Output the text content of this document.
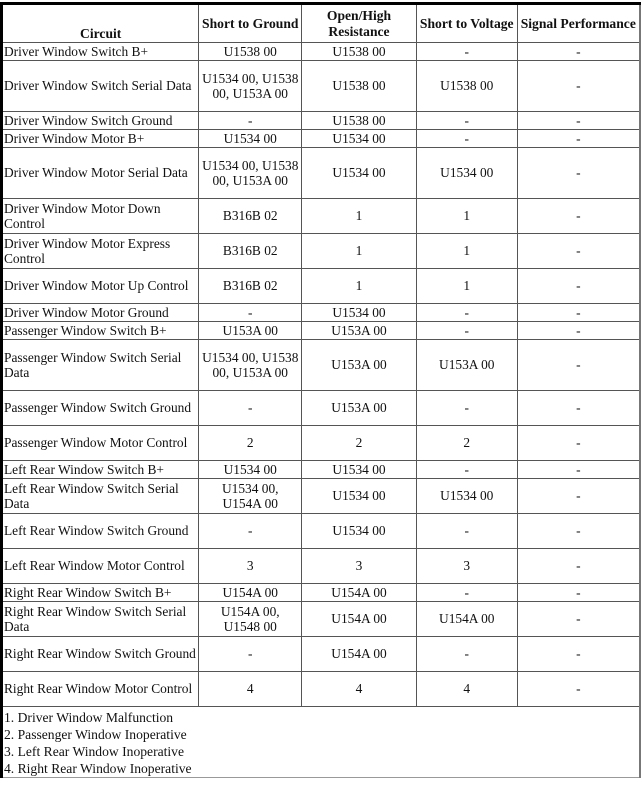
Circuit	Short to Ground	Open/High Resistance	Short to Voltage	Signal Performance
Driver Window Switch B+	U1538 00	U1538 00	-	-
Driver Window Switch Serial Data	U1534 00, U1538 00, U153A 00	U1538 00	U1538 00	-
Driver Window Switch Ground	-	U1538 00	-	-
Driver Window Motor B+	U1534 00	U1534 00	-	-
Driver Window Motor Serial Data	U1534 00, U1538 00, U153A 00	U1534 00	U1534 00	-
Driver Window Motor Down Control	B316B 02	1	1	-
Driver Window Motor Express Control	B316B 02	1	1	-
Driver Window Motor Up Control	B316B 02	1	1	-
Driver Window Motor Ground	-	U1534 00	-	-
Passenger Window Switch B+	U153A 00	U153A 00	-	-
Passenger Window Switch Serial Data	U1534 00, U1538 00, U153A 00	U153A 00	U153A 00	-
Passenger Window Switch Ground	-	U153A 00	-	-
Passenger Window Motor Control	2	2	2	-
Left Rear Window Switch B+	U1534 00	U1534 00	-	-
Left Rear Window Switch Serial Data	U1534 00, U154A 00	U1534 00	U1534 00	-
Left Rear Window Switch Ground	-	U1534 00	-	-
Left Rear Window Motor Control	3	3	3	-
Right Rear Window Switch B+	U154A 00	U154A 00	-	-
Right Rear Window Switch Serial Data	U154A 00, U1548 00	U154A 00	U154A 00	-
Right Rear Window Switch Ground	-	U154A 00	-	-
Right Rear Window Motor Control	4	4	4	-

1. Driver Window Malfunction
2. Passenger Window Inoperative
3. Left Rear Window Inoperative
4. Right Rear Window Inoperative				
